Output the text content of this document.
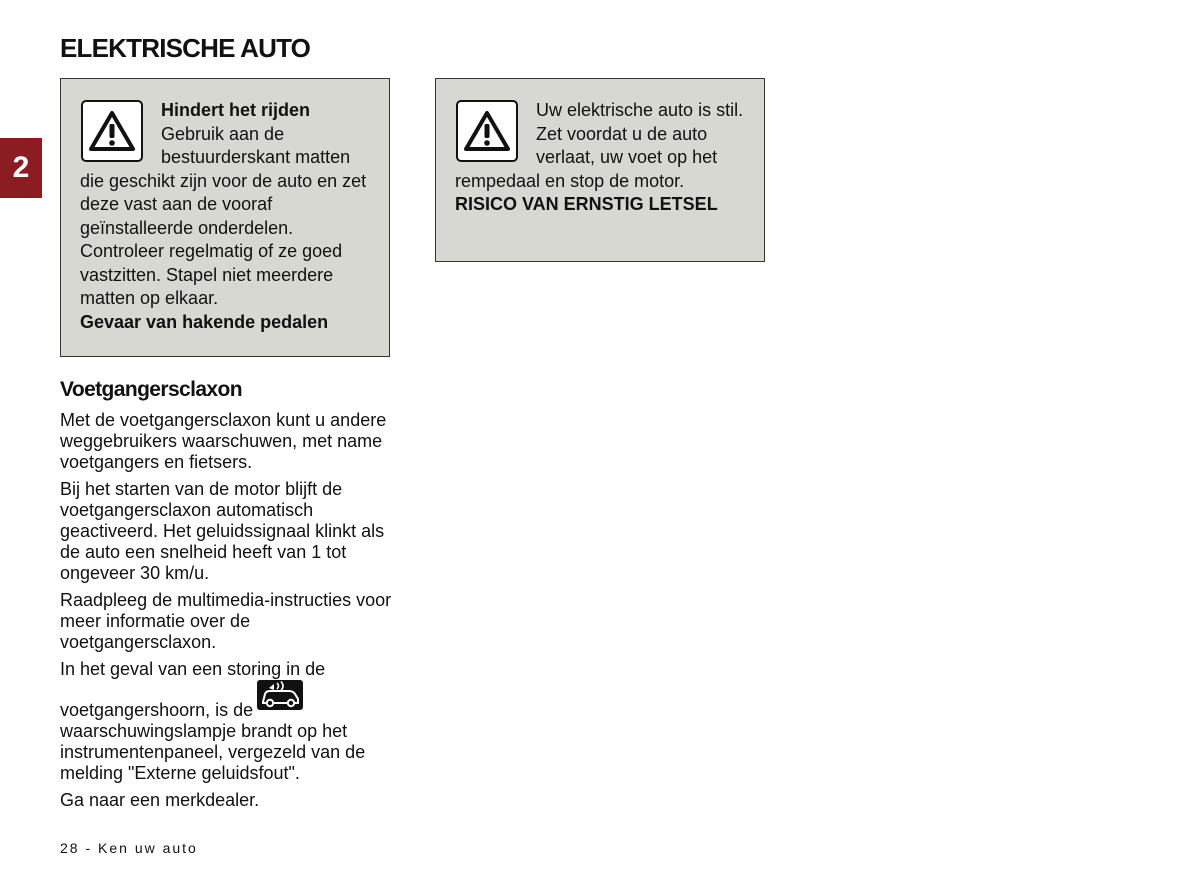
ELEKTRISCHE AUTO
2

Hindert het rijden

Gebruik aan de bestuurderskant matten die geschikt zijn voor de auto en zet deze vast aan de vooraf geïnstalleerde onderdelen. Controleer regelmatig of ze goed vastzitten. Stapel niet meerdere matten op elkaar.

Gevaar van hakende pedalen

Uw elektrische auto is stil. Zet voordat u de auto verlaat, uw voet op het rempedaal en stop de motor.

RISICO VAN ERNSTIG LETSEL

Voetgangersclaxon

Met de voetgangersclaxon kunt u andere weggebruikers waarschuwen, met name voetgangers en fietsers.

Bij het starten van de motor blijft de voetgangersclaxon automatisch geactiveerd. Het geluidssignaal klinkt als de auto een snelheid heeft van 1 tot ongeveer 30 km/u.

Raadpleeg de multimedia-instructies voor meer informatie over de voetgangersclaxon.

In het geval van een storing in de

voetgangershoorn, is de
waarschuwingslampje brandt op het instrumentenpaneel, vergezeld van de melding "Externe geluidsfout".

Ga naar een merkdealer.

28 - Ken uw auto
